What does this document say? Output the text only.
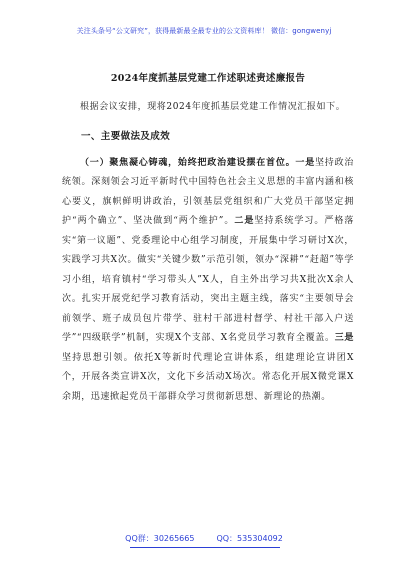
关注头条号“公文研究”，获得最新最全最专业的公文资料库！ 微信：gongwenyj
2024年度抓基层党建工作述职述责述廉报告

根据会议安排，现将2024年度抓基层党建工作情况汇报如下。

一、主要做法及成效

（一）聚焦凝心铸魂，始终把政治建设摆在首位。一是坚持政治统领。深刻领会习近平新时代中国特色社会主义思想的丰富内涵和核心要义，旗帜鲜明讲政治，引领基层党组织和广大党员干部坚定拥护“两个确立”、坚决做到“两个维护”。二是坚持系统学习。严格落实“第一议题”、党委理论中心组学习制度，开展集中学习研讨X次，实践学习共X次。做实“关键少数”示范引领，领办“深耕”“赶超”等学习小组，培育镇村“学习带头人”X人，自主外出学习共X批次X余人次。扎实开展党纪学习教育活动，突出主题主线，落实“主要领导会前领学、班子成员包片带学、驻村干部进村督学、村社干部入户送学”“四级联学”机制，实现X个支部、X名党员学习教育全覆盖。三是坚持思想引领。依托X等新时代理论宣讲体系，组建理论宣讲团X个，开展各类宣讲X次，文化下乡活动X场次。常态化开展X微党课X余期，迅速掀起党员干部群众学习贯彻新思想、新理论的热潮。

QQ群：30265665	QQ：535304092
